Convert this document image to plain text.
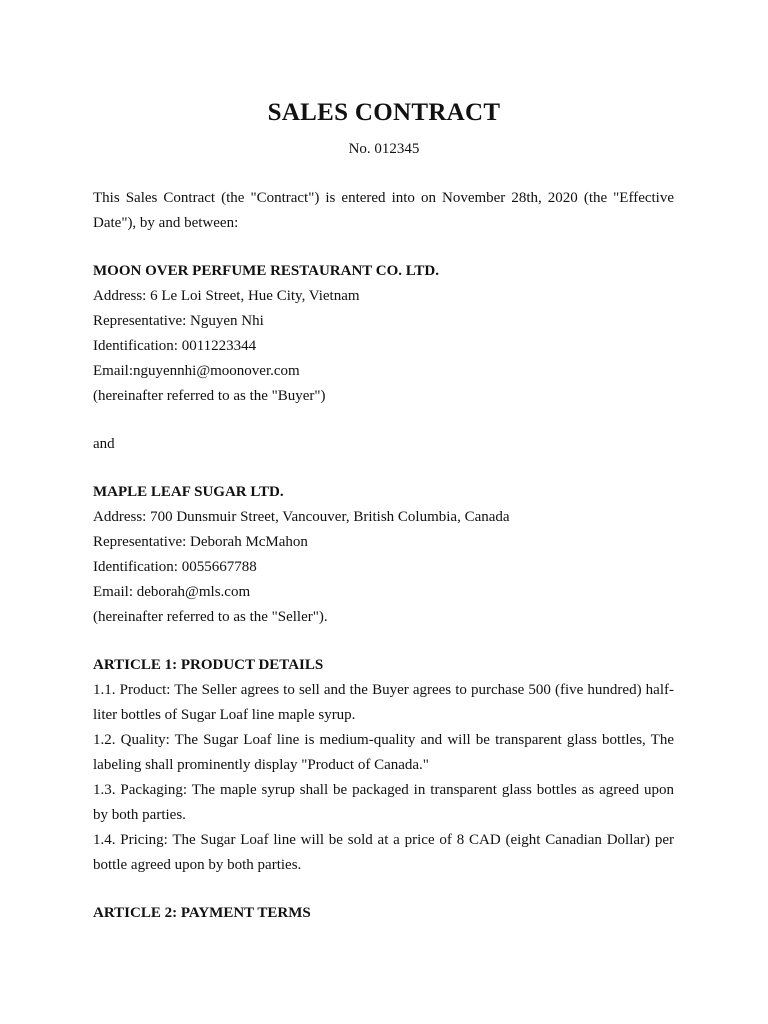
SALES CONTRACT
No. 012345

This Sales Contract (the "Contract") is entered into on November 28th, 2020 (the "Effective Date"), by and between:

MOON OVER PERFUME RESTAURANT CO. LTD.

Address: 6 Le Loi Street, Hue City, Vietnam

Representative: Nguyen Nhi

Identification: 0011223344

Email:nguyennhi@moonover.com

(hereinafter referred to as the "Buyer")

and

MAPLE LEAF SUGAR LTD.

Address: 700 Dunsmuir Street, Vancouver, British Columbia, Canada

Representative: Deborah McMahon

Identification: 0055667788

Email: deborah@mls.com

(hereinafter referred to as the "Seller").

ARTICLE 1: PRODUCT DETAILS

1.1. Product: The Seller agrees to sell and the Buyer agrees to purchase 500 (five hundred) half-liter bottles of Sugar Loaf line maple syrup.

1.2. Quality: The Sugar Loaf line is medium-quality and will be transparent glass bottles, The labeling shall prominently display "Product of Canada."

1.3. Packaging: The maple syrup shall be packaged in transparent glass bottles as agreed upon by both parties.

1.4. Pricing: The Sugar Loaf line will be sold at a price of 8 CAD (eight Canadian Dollar) per bottle agreed upon by both parties.

ARTICLE 2: PAYMENT TERMS
